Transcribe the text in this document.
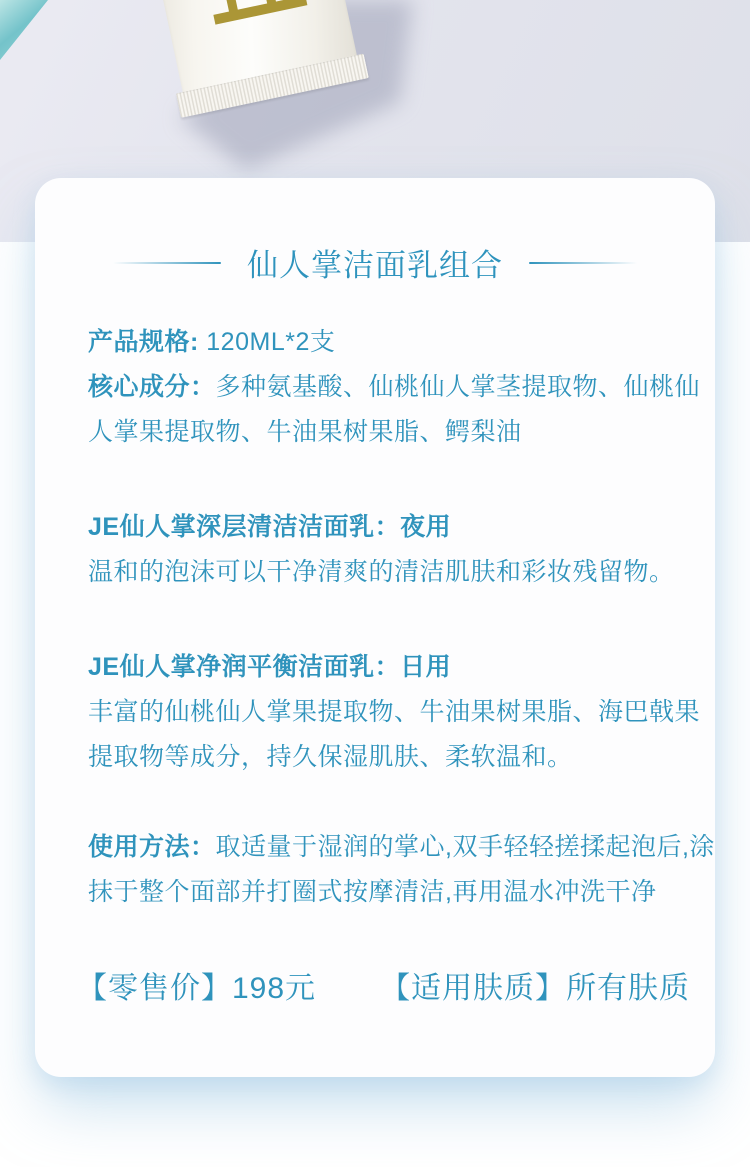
仙人掌洁面乳组合

产品规格: 120ML*2支

核心成分：多种氨基酸、仙桃仙人掌茎提取物、仙桃仙人掌果提取物、牛油果树果脂、鳄梨油

JE仙人掌深层清洁洁面乳：夜用

温和的泡沫可以干净清爽的清洁肌肤和彩妆残留物。

JE仙人掌净润平衡洁面乳：日用

丰富的仙桃仙人掌果提取物、牛油果树果脂、海巴戟果提取物等成分，持久保湿肌肤、柔软温和。

使用方法：取适量于湿润的掌心,双手轻轻搓揉起泡后,涂抹于整个面部并打圈式按摩清洁,再用温水冲洗干净

【零售价】198元 【适用肤质】所有肤质
